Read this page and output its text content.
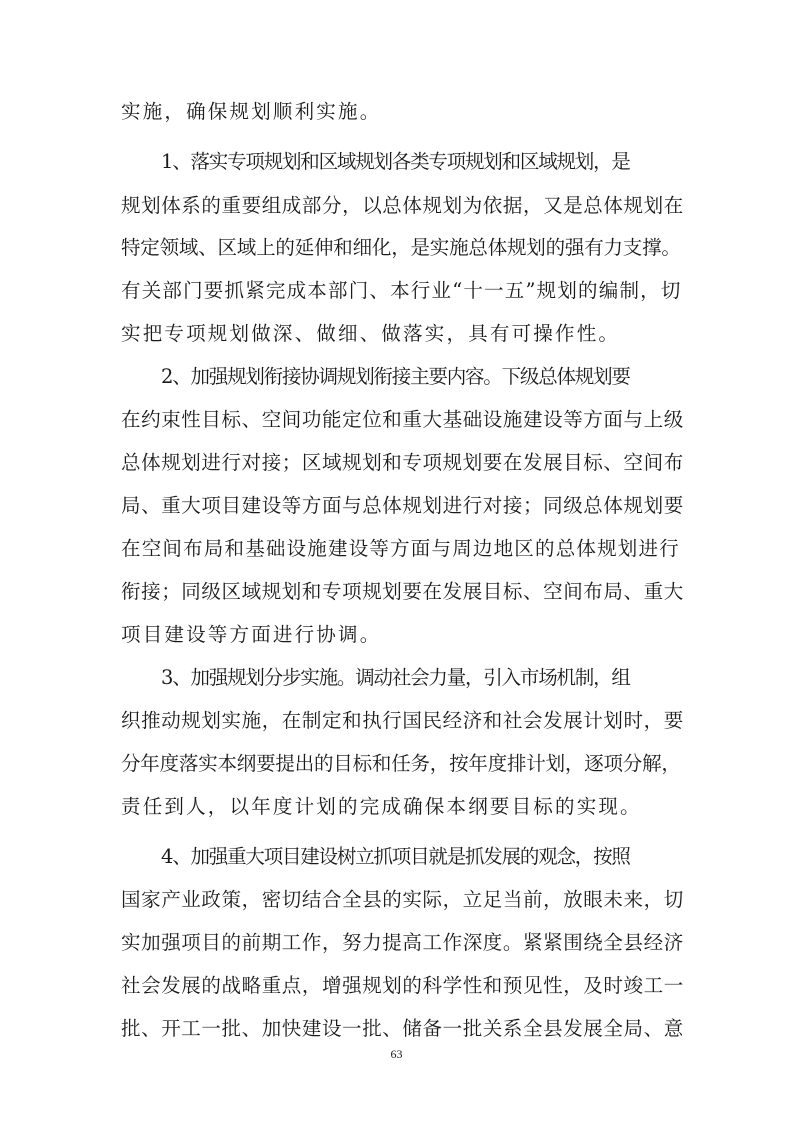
实施，确保规划顺利实施。
1、落实专项规划和区域规划各类专项规划和区域规划，是
规划体系的重要组成部分，以总体规划为依据，又是总体规划在
特定领域、区域上的延伸和细化，是实施总体规划的强有力支撑。
有关部门要抓紧完成本部门、本行业“十一五”规划的编制，切
实把专项规划做深、做细、做落实，具有可操作性。
2、加强规划衔接协调规划衔接主要内容。下级总体规划要
在约束性目标、空间功能定位和重大基础设施建设等方面与上级
总体规划进行对接；区域规划和专项规划要在发展目标、空间布
局、重大项目建设等方面与总体规划进行对接；同级总体规划要
在空间布局和基础设施建设等方面与周边地区的总体规划进行
衔接；同级区域规划和专项规划要在发展目标、空间布局、重大
项目建设等方面进行协调。
3、加强规划分步实施。调动社会力量，引入市场机制，组
织推动规划实施，在制定和执行国民经济和社会发展计划时，要
分年度落实本纲要提出的目标和任务，按年度排计划，逐项分解，
责任到人，以年度计划的完成确保本纲要目标的实现。
4、加强重大项目建设树立抓项目就是抓发展的观念，按照
国家产业政策，密切结合全县的实际，立足当前，放眼未来，切
实加强项目的前期工作，努力提高工作深度。紧紧围绕全县经济
社会发展的战略重点，增强规划的科学性和预见性，及时竣工一
批、开工一批、加快建设一批、储备一批关系全县发展全局、意
63
